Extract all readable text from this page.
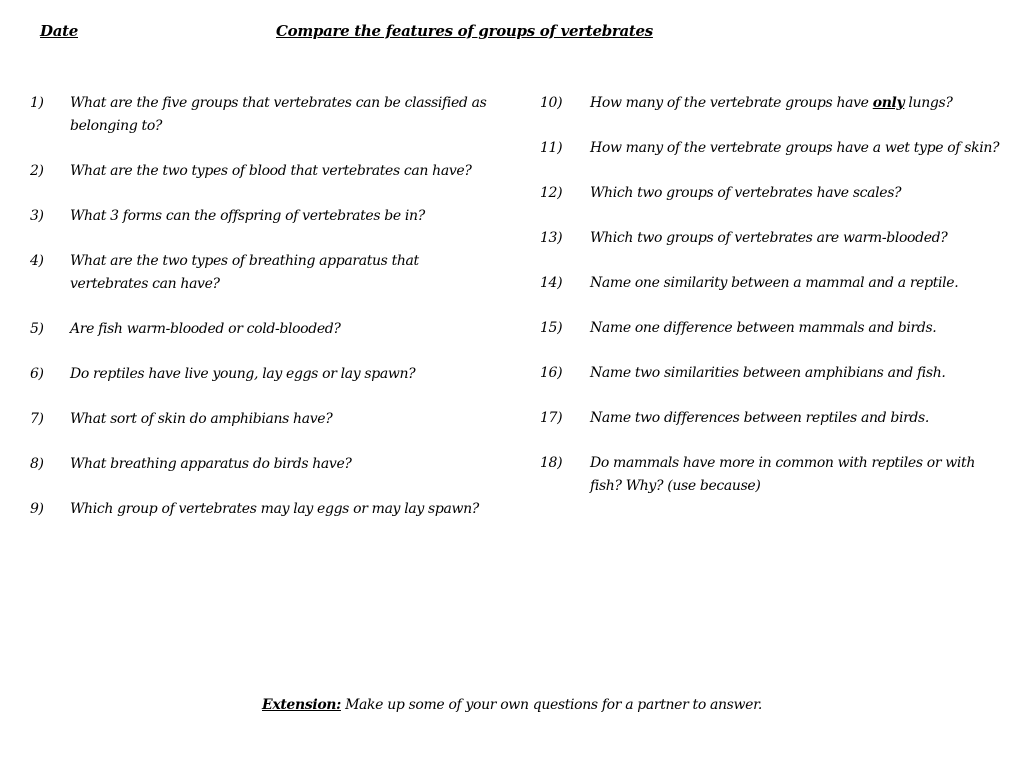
Date	Compare the features of groups of vertebrates
1)	What are the five groups that vertebrates can be classified as belonging to?
2)	What are the two types of blood that vertebrates can have?
3)	What 3 forms can the offspring of vertebrates be in?
4)	What are the two types of breathing apparatus that vertebrates can have?
5)	Are fish warm-blooded or cold-blooded?
6)	Do reptiles have live young, lay eggs or lay spawn?
7)	What sort of skin do amphibians have?
8)	What breathing apparatus do birds have?
9)	Which group of vertebrates may lay eggs or may lay spawn?
10)	How many of the vertebrate groups have only lungs?
11)	How many of the vertebrate groups have a wet type of skin?
12)	Which two groups of vertebrates have scales?
13)	Which two groups of vertebrates are warm-blooded?
14)	Name one similarity between a mammal and a reptile.
15)	Name one difference between mammals and birds.
16)	Name two similarities between amphibians and fish.
17)	Name two differences between reptiles and birds.
18)	Do mammals have more in common with reptiles or with fish? Why? (use because)
Extension: Make up some of your own questions for a partner to answer.
